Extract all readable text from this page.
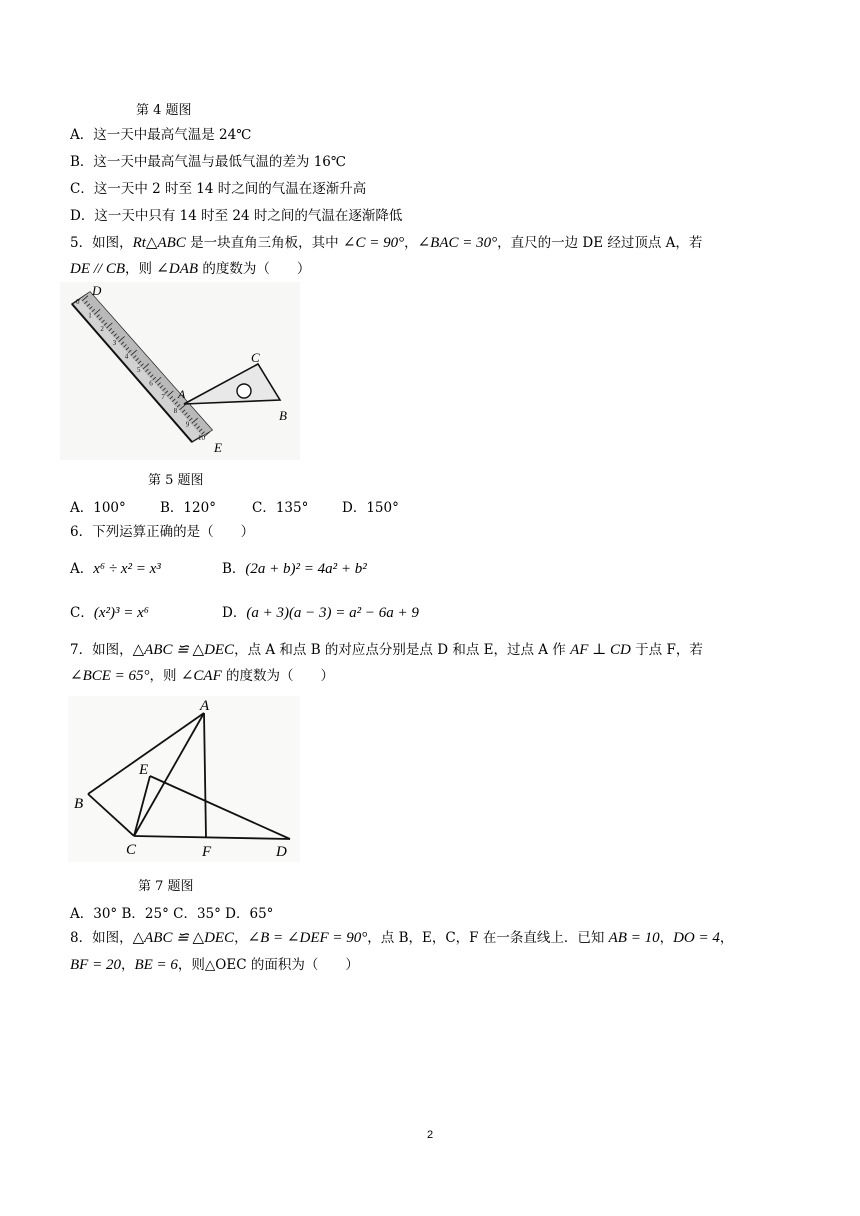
第 4 题图
A．这一天中最高气温是 24℃
B．这一天中最高气温与最低气温的差为 16℃
C．这一天中 2 时至 14 时之间的气温在逐渐升高
D．这一天中只有 14 时至 24 时之间的气温在逐渐降低
5．如图，Rt△ABC 是一块直角三角板，其中 ∠C = 90°，∠BAC = 30°，直尺的一边 DE 经过顶点 A，若
DE // CB，则 ∠DAB 的度数为（　　）
0
1
2
3
4
5
6
7
8
9
10
D
C
A
B
E
第 5 题图
A．100°	B．120°	C．135° D．150°
6．下列运算正确的是（　　）
A．x⁶ ÷ x² = x³	B．(2a + b)² = 4a² + b²
C．(x²)³ = x⁶	D．(a + 3)(a − 3) = a² − 6a + 9
7．如图，△ABC ≌ △DEC，点 A 和点 B 的对应点分别是点 D 和点 E，过点 A 作 AF ⊥ CD 于点 F，若
∠BCE = 65°，则 ∠CAF 的度数为（　　）
A
E
B
C	F	D
第 7 题图
A．30° B．25° C．35° D．65°
8．如图，△ABC ≌ △DEC，∠B = ∠DEF = 90°，点 B，E，C，F 在一条直线上．已知 AB = 10，DO = 4，
BF = 20，BE = 6，则△OEC 的面积为（　　）
2
